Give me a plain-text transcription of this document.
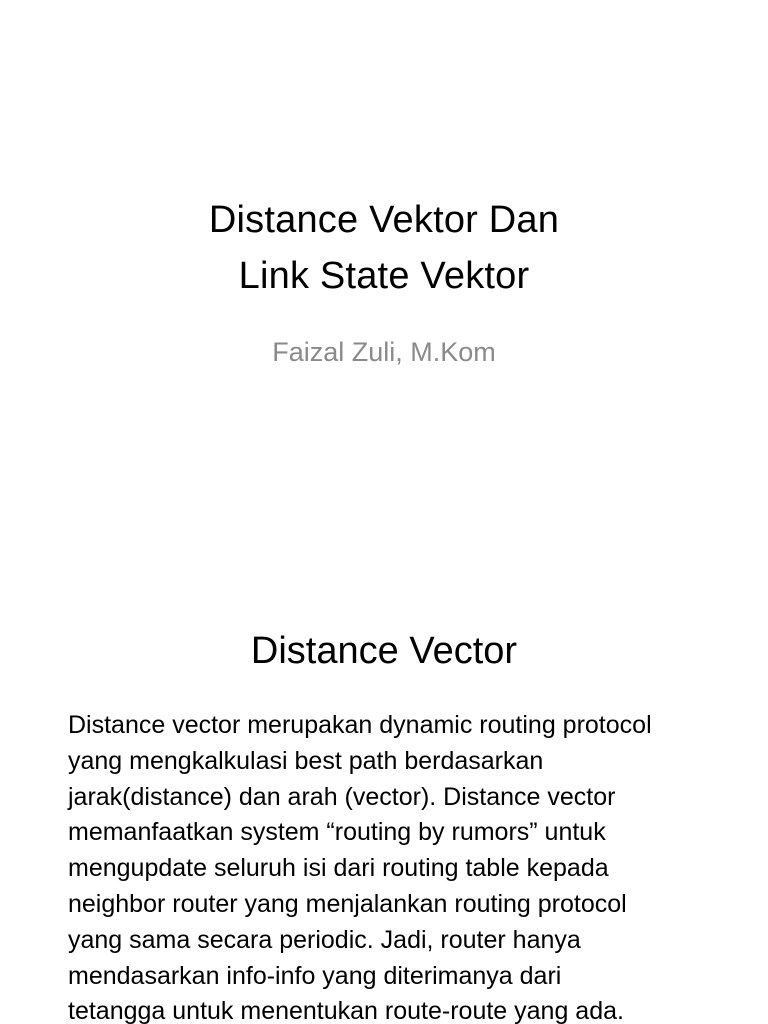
Distance Vektor Dan
Link State Vektor
Faizal Zuli, M.Kom
Distance Vector

Distance vector merupakan dynamic routing protocol
yang mengkalkulasi best path berdasarkan
jarak(distance) dan arah (vector). Distance vector
memanfaatkan system “routing by rumors” untuk
mengupdate seluruh isi dari routing table kepada
neighbor router yang menjalankan routing protocol
yang sama secara periodic. Jadi, router hanya
mendasarkan info-info yang diterimanya dari
tetangga untuk menentukan route-route yang ada.
